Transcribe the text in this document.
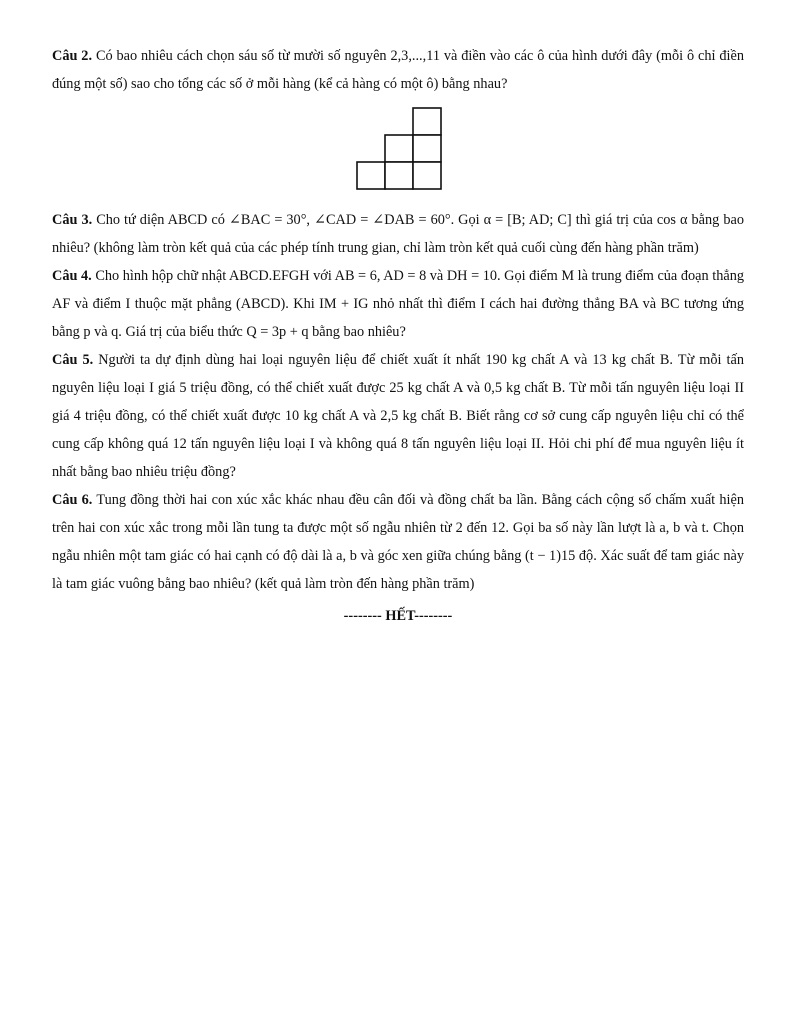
Câu 2. Có bao nhiêu cách chọn sáu số từ mười số nguyên 2,3,...,11 và điền vào các ô của hình dưới đây (mỗi ô chỉ điền đúng một số) sao cho tổng các số ở mỗi hàng (kể cả hàng có một ô) bằng nhau?

Câu 3. Cho tứ diện ABCD có ∠BAC = 30°, ∠CAD = ∠DAB = 60°. Gọi α = [B; AD; C] thì giá trị của cos α bằng bao nhiêu? (không làm tròn kết quả của các phép tính trung gian, chỉ làm tròn kết quả cuối cùng đến hàng phần trăm)

Câu 4. Cho hình hộp chữ nhật ABCD.EFGH với AB = 6, AD = 8 và DH = 10. Gọi điểm M là trung điểm của đoạn thẳng AF và điểm I thuộc mặt phẳng (ABCD). Khi IM + IG nhỏ nhất thì điểm I cách hai đường thẳng BA và BC tương ứng bằng p và q. Giá trị của biểu thức Q = 3p + q bằng bao nhiêu?

Câu 5. Người ta dự định dùng hai loại nguyên liệu để chiết xuất ít nhất 190 kg chất A và 13 kg chất B. Từ mỗi tấn nguyên liệu loại I giá 5 triệu đồng, có thể chiết xuất được 25 kg chất A và 0,5 kg chất B. Từ mỗi tấn nguyên liệu loại II giá 4 triệu đồng, có thể chiết xuất được 10 kg chất A và 2,5 kg chất B. Biết rằng cơ sở cung cấp nguyên liệu chỉ có thể cung cấp không quá 12 tấn nguyên liệu loại I và không quá 8 tấn nguyên liệu loại II. Hỏi chi phí để mua nguyên liệu ít nhất bằng bao nhiêu triệu đồng?

Câu 6. Tung đồng thời hai con xúc xắc khác nhau đều cân đối và đồng chất ba lần. Bằng cách cộng số chấm xuất hiện trên hai con xúc xắc trong mỗi lần tung ta được một số ngẫu nhiên từ 2 đến 12. Gọi ba số này lần lượt là a, b và t. Chọn ngẫu nhiên một tam giác có hai cạnh có độ dài là a, b và góc xen giữa chúng bằng (t − 1)15 độ. Xác suất để tam giác này là tam giác vuông bằng bao nhiêu? (kết quả làm tròn đến hàng phần trăm)

-------- HẾT--------
